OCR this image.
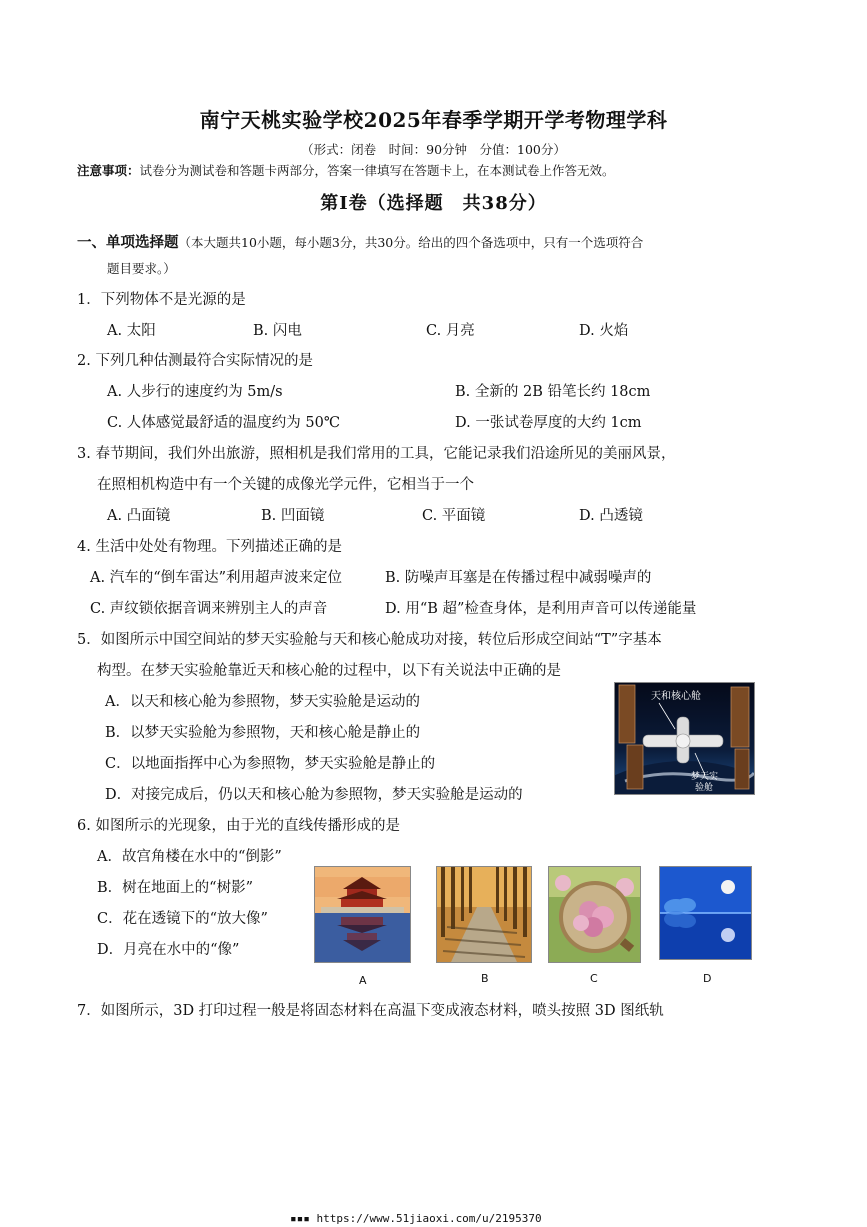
南宁天桃实验学校2025年春季学期开学考物理学科
（形式：闭卷　时间：90分钟　分值：100分）
注意事项：试卷分为测试卷和答题卡两部分，答案一律填写在答题卡上，在本测试卷上作答无效。
第Ⅰ卷（选择题　共38分）
一、单项选择题（本大题共10小题，每小题3分，共30分。给出的四个备选项中，只有一个选项符合
题目要求。）
1．下列物体不是光源的是
A. 太阳	B. 闪电	C. 月亮	D. 火焰
2. 下列几种估测最符合实际情况的是
A. 人步行的速度约为 5m/s	B. 全新的 2B 铅笔长约 18cm
C. 人体感觉最舒适的温度约为 50℃	D. 一张试卷厚度的大约 1cm
3. 春节期间，我们外出旅游，照相机是我们常用的工具，它能记录我们沿途所见的美丽风景，
在照相机构造中有一个关键的成像光学元件，它相当于一个
A. 凸面镜	B. 凹面镜	C. 平面镜	D. 凸透镜
4. 生活中处处有物理。下列描述正确的是
A. 汽车的“倒车雷达”利用超声波来定位	B. 防噪声耳塞是在传播过程中减弱噪声的
C. 声纹锁依据音调来辨别主人的声音	D. 用“B 超”检查身体，是利用声音可以传递能量
5．如图所示中国空间站的梦天实验舱与天和核心舱成功对接，转位后形成空间站“T”字基本
构型。在梦天实验舱靠近天和核心舱的过程中，以下有关说法中正确的是
A．以天和核心舱为参照物，梦天实验舱是运动的
B．以梦天实验舱为参照物，天和核心舱是静止的
C．以地面指挥中心为参照物，梦天实验舱是静止的
D．对接完成后，仍以天和核心舱为参照物，梦天实验舱是运动的
天和核心舱
梦天实
验舱
6. 如图所示的光现象，由于光的直线传播形成的是
A．故宫角楼在水中的“倒影”
B．树在地面上的“树影”
C．花在透镜下的“放大像”
D．月亮在水中的“像”
A	B	C	D
7．如图所示，3D 打印过程一般是将固态材料在高温下变成液态材料，喷头按照 3D 图纸轨
▪▪▪ https://www.51jiaoxi.com/u/2195370
